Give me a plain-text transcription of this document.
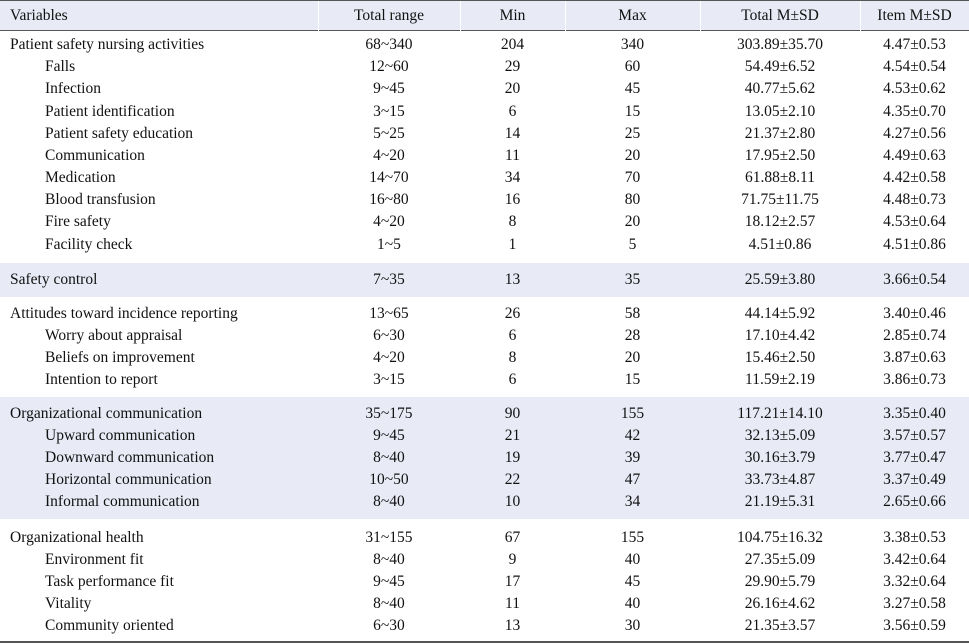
Variables	Total range	Min	Max	Total M±SD	Item M±SD
Patient safety nursing activities	68~340	204	340	303.89±35.70	4.47±0.53
Falls	12~60	29	60	54.49±6.52	4.54±0.54
Infection	9~45	20	45	40.77±5.62	4.53±0.62
Patient identification	3~15	6	15	13.05±2.10	4.35±0.70
Patient safety education	5~25	14	25	21.37±2.80	4.27±0.56
Communication	4~20	11	20	17.95±2.50	4.49±0.63
Medication	14~70	34	70	61.88±8.11	4.42±0.58
Blood transfusion	16~80	16	80	71.75±11.75	4.48±0.73
Fire safety	4~20	8	20	18.12±2.57	4.53±0.64
Facility check	1~5	1	5	4.51±0.86	4.51±0.86
Safety control	7~35	13	35	25.59±3.80	3.66±0.54
Attitudes toward incidence reporting	13~65	26	58	44.14±5.92	3.40±0.46
Worry about appraisal	6~30	6	28	17.10±4.42	2.85±0.74
Beliefs on improvement	4~20	8	20	15.46±2.50	3.87±0.63
Intention to report	3~15	6	15	11.59±2.19	3.86±0.73
Organizational communication	35~175	90	155	117.21±14.10	3.35±0.40
Upward communication	9~45	21	42	32.13±5.09	3.57±0.57
Downward communication	8~40	19	39	30.16±3.79	3.77±0.47
Horizontal communication	10~50	22	47	33.73±4.87	3.37±0.49
Informal communication	8~40	10	34	21.19±5.31	2.65±0.66
Organizational health	31~155	67	155	104.75±16.32	3.38±0.53
Environment fit	8~40	9	40	27.35±5.09	3.42±0.64
Task performance fit	9~45	17	45	29.90±5.79	3.32±0.64
Vitality	8~40	11	40	26.16±4.62	3.27±0.58
Community oriented	6~30	13	30	21.35±3.57	3.56±0.59
